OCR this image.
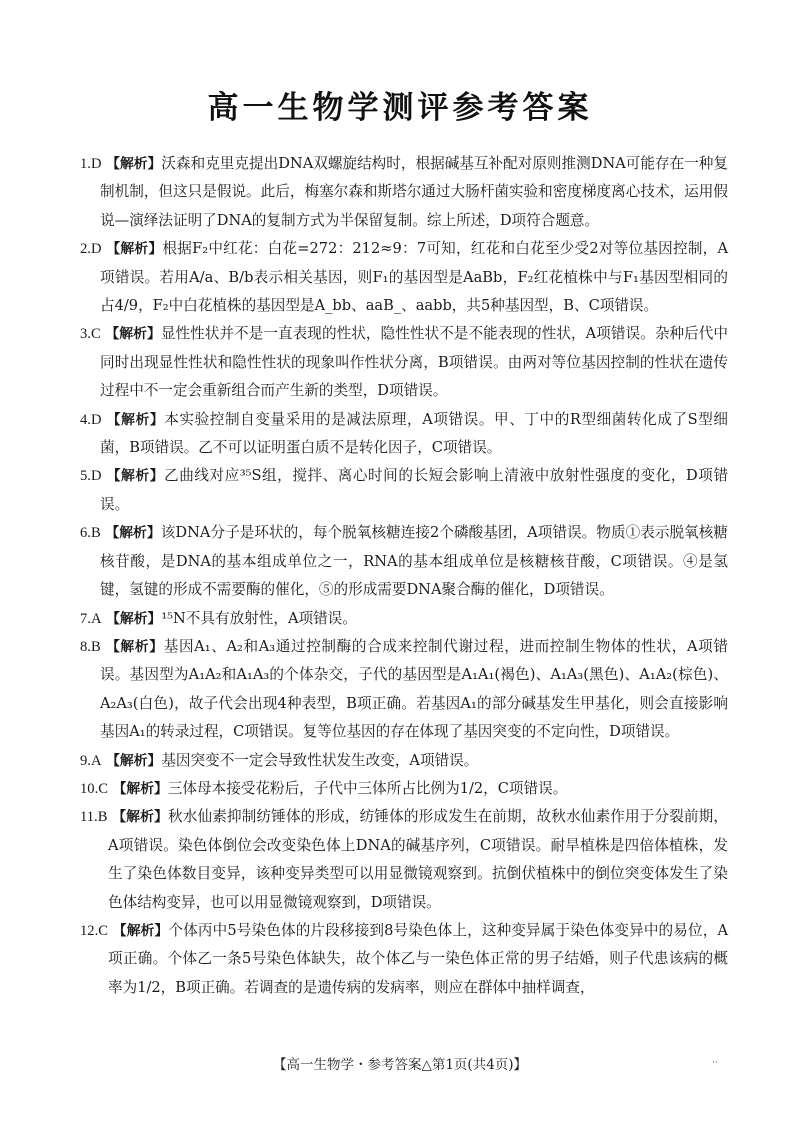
高一生物学测评参考答案
1.D 【解析】沃森和克里克提出DNA双螺旋结构时，根据碱基互补配对原则推测DNA可能存在一种复制机制，但这只是假说。此后，梅塞尔森和斯塔尔通过大肠杆菌实验和密度梯度离心技术，运用假说—演绎法证明了DNA的复制方式为半保留复制。综上所述，D项符合题意。
2.D 【解析】根据F₂中红花：白花=272：212≈9：7可知，红花和白花至少受2对等位基因控制，A项错误。若用A/a、B/b表示相关基因，则F₁的基因型是AaBb，F₂红花植株中与F₁基因型相同的占4/9，F₂中白花植株的基因型是A_bb、aaB_、aabb，共5种基因型，B、C项错误。
3.C 【解析】显性性状并不是一直表现的性状，隐性性状不是不能表现的性状，A项错误。杂种后代中同时出现显性性状和隐性性状的现象叫作性状分离，B项错误。由两对等位基因控制的性状在遗传过程中不一定会重新组合而产生新的类型，D项错误。
4.D 【解析】本实验控制自变量采用的是减法原理，A项错误。甲、丁中的R型细菌转化成了S型细菌，B项错误。乙不可以证明蛋白质不是转化因子，C项错误。
5.D 【解析】乙曲线对应³⁵S组，搅拌、离心时间的长短会影响上清液中放射性强度的变化，D项错误。
6.B 【解析】该DNA分子是环状的，每个脱氧核糖连接2个磷酸基团，A项错误。物质①表示脱氧核糖核苷酸，是DNA的基本组成单位之一，RNA的基本组成单位是核糖核苷酸，C项错误。④是氢键，氢键的形成不需要酶的催化，⑤的形成需要DNA聚合酶的催化，D项错误。
7.A 【解析】¹⁵N不具有放射性，A项错误。
8.B 【解析】基因A₁、A₂和A₃通过控制酶的合成来控制代谢过程，进而控制生物体的性状，A项错误。基因型为A₁A₂和A₁A₃的个体杂交，子代的基因型是A₁A₁(褐色)、A₁A₃(黑色)、A₁A₂(棕色)、A₂A₃(白色)，故子代会出现4种表型，B项正确。若基因A₁的部分碱基发生甲基化，则会直接影响基因A₁的转录过程，C项错误。复等位基因的存在体现了基因突变的不定向性，D项错误。
9.A 【解析】基因突变不一定会导致性状发生改变，A项错误。
10.C 【解析】三体母本接受花粉后，子代中三体所占比例为1/2，C项错误。
11.B 【解析】秋水仙素抑制纺锤体的形成，纺锤体的形成发生在前期，故秋水仙素作用于分裂前期，A项错误。染色体倒位会改变染色体上DNA的碱基序列，C项错误。耐旱植株是四倍体植株，发生了染色体数目变异，该种变异类型可以用显微镜观察到。抗倒伏植株中的倒位突变体发生了染色体结构变异，也可以用显微镜观察到，D项错误。
12.C 【解析】个体丙中5号染色体的片段移接到8号染色体上，这种变异属于染色体变异中的易位，A项正确。个体乙一条5号染色体缺失，故个体乙与一染色体正常的男子结婚，则子代患该病的概率为1/2，B项正确。若调查的是遗传病的发病率，则应在群体中抽样调查，
【高一生物学・参考答案△第1页(共4页)】	··
